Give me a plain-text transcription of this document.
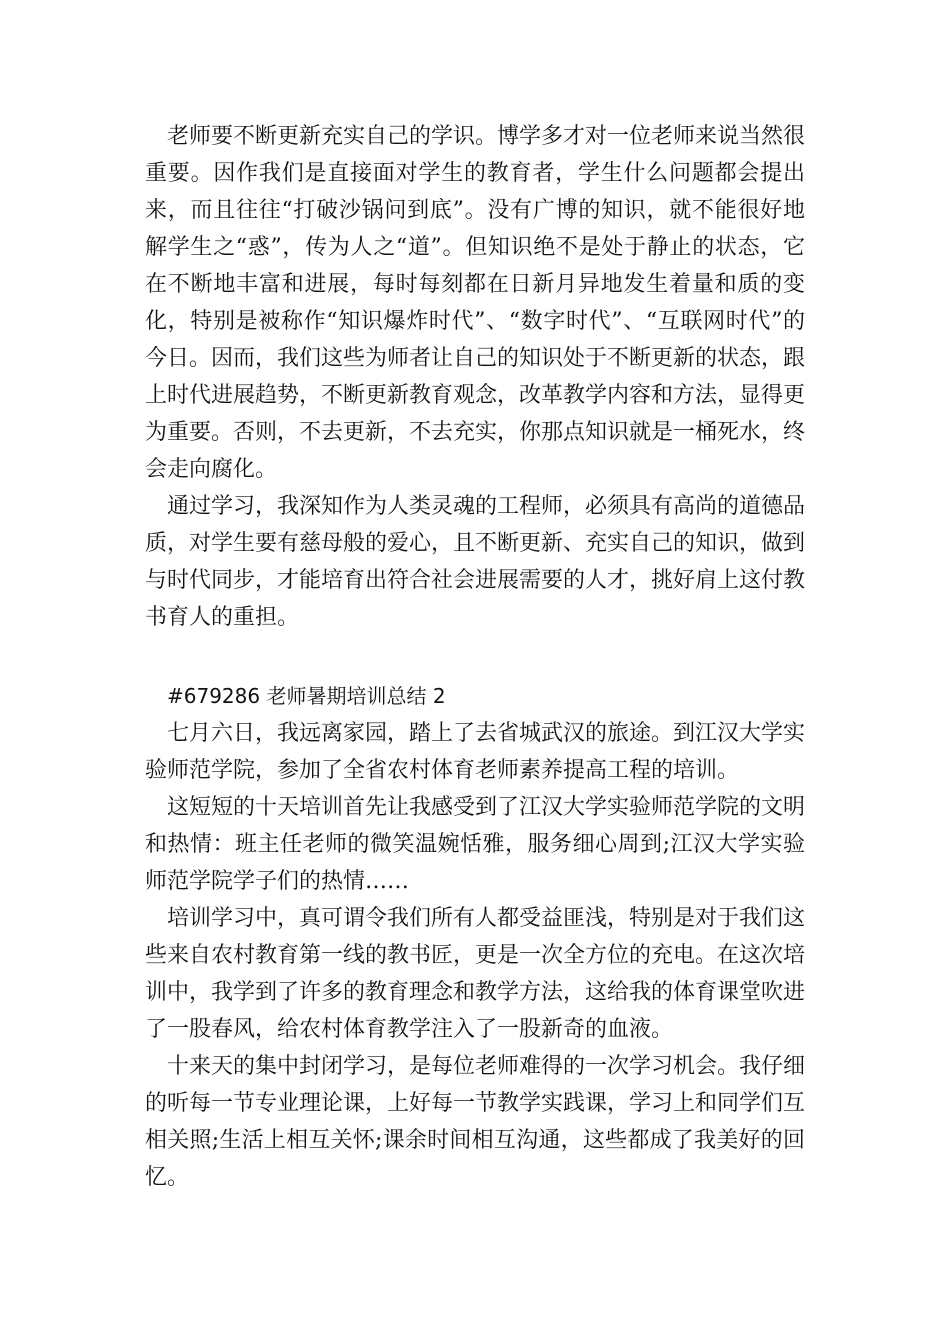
老师要不断更新充实自己的学识。博学多才对一位老师来说当然很重要。因作我们是直接面对学生的教育者，学生什么问题都会提出来，而且往往“打破沙锅问到底”。没有广博的知识，就不能很好地解学生之“惑”，传为人之“道”。但知识绝不是处于静止的状态，它在不断地丰富和进展，每时每刻都在日新月异地发生着量和质的变化，特别是被称作“知识爆炸时代”、“数字时代”、“互联网时代”的今日。因而，我们这些为师者让自己的知识处于不断更新的状态，跟上时代进展趋势，不断更新教育观念，改革教学内容和方法，显得更为重要。否则，不去更新，不去充实，你那点知识就是一桶死水，终会走向腐化。

通过学习，我深知作为人类灵魂的工程师，必须具有高尚的道德品质，对学生要有慈母般的爱心，且不断更新、充实自己的知识，做到与时代同步，才能培育出符合社会进展需要的人才，挑好肩上这付教书育人的重担。

#679286 老师暑期培训总结 2

七月六日，我远离家园，踏上了去省城武汉的旅途。到江汉大学实验师范学院，参加了全省农村体育老师素养提高工程的培训。

这短短的十天培训首先让我感受到了江汉大学实验师范学院的文明和热情：班主任老师的微笑温婉恬雅，服务细心周到;江汉大学实验师范学院学子们的热情……

培训学习中，真可谓令我们所有人都受益匪浅，特别是对于我们这些来自农村教育第一线的教书匠，更是一次全方位的充电。在这次培训中，我学到了许多的教育理念和教学方法，这给我的体育课堂吹进了一股春风，给农村体育教学注入了一股新奇的血液。

十来天的集中封闭学习，是每位老师难得的一次学习机会。我仔细的听每一节专业理论课，上好每一节教学实践课，学习上和同学们互相关照;生活上相互关怀;课余时间相互沟通，这些都成了我美好的回忆。
